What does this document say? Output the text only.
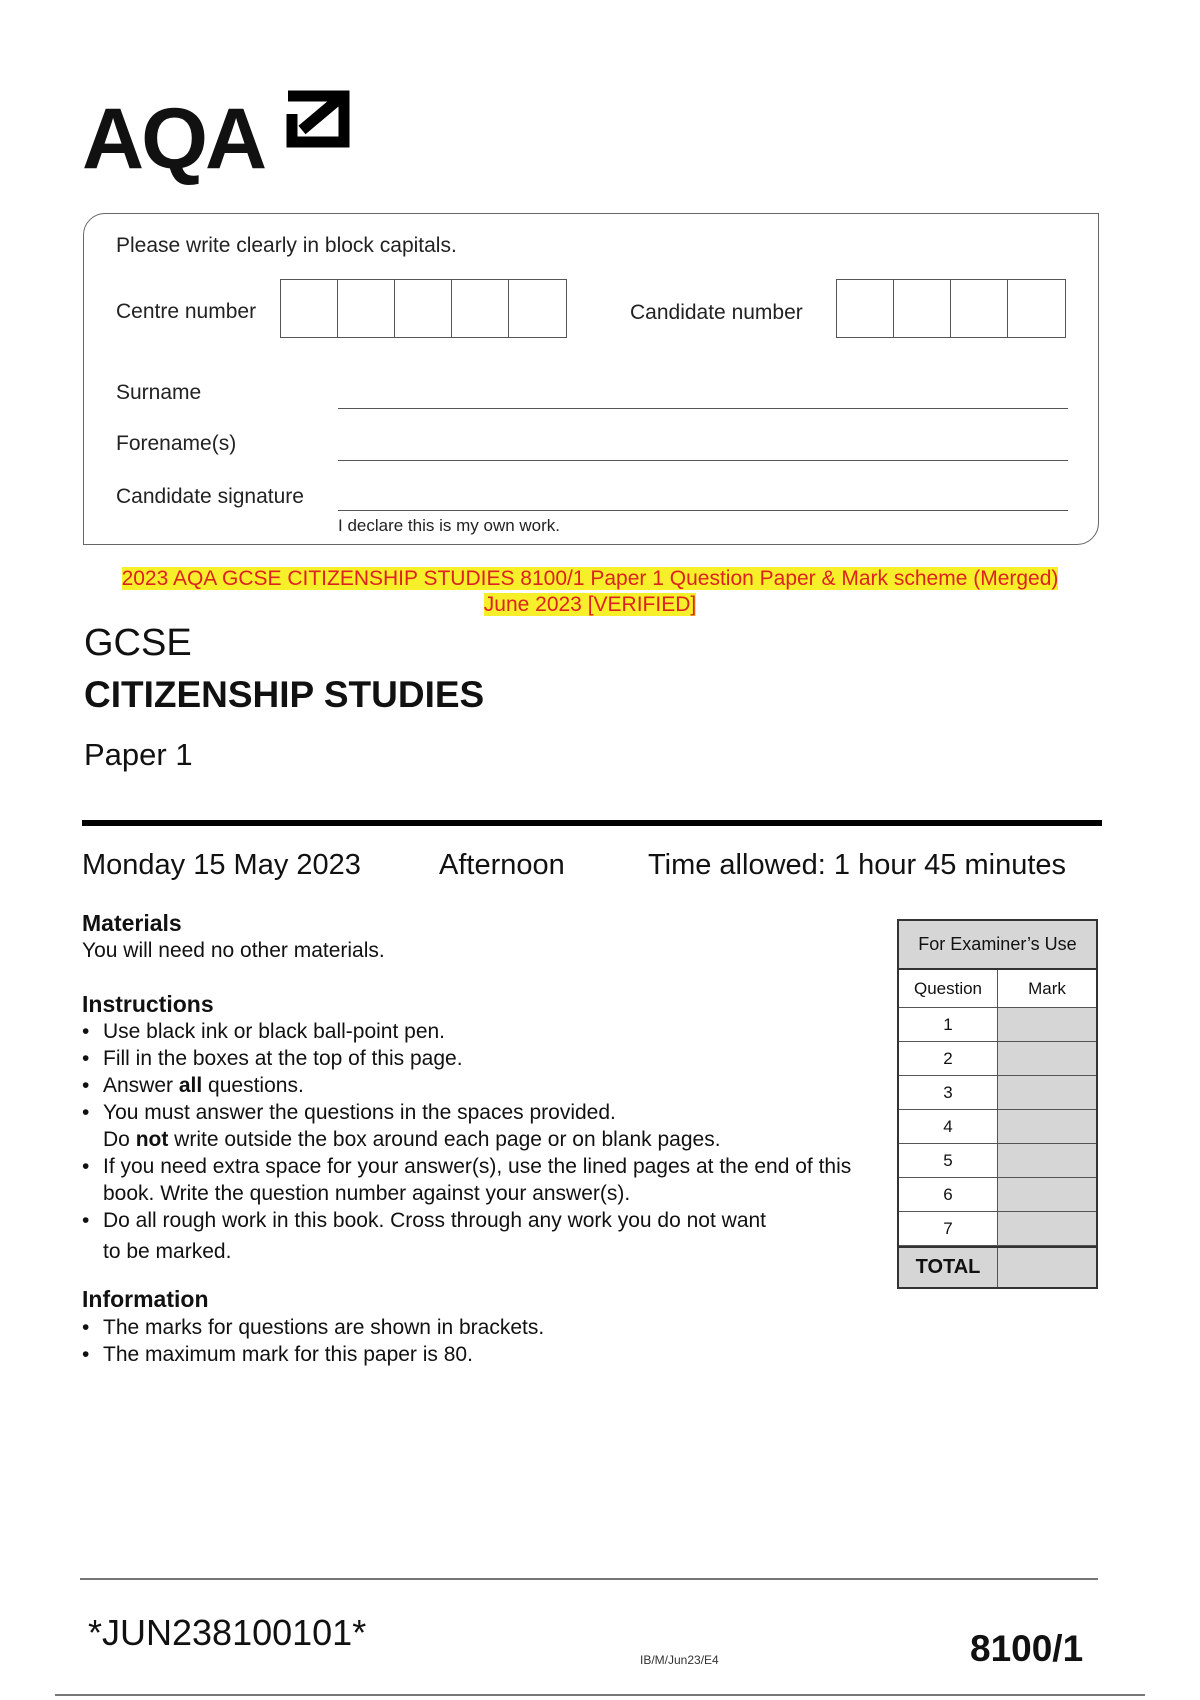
AQA
Please write clearly in block capitals.
Centre number	Candidate number
Surname
Forename(s)
Candidate signature
I declare this is my own work.
2023 AQA GCSE CITIZENSHIP STUDIES 8100/1 Paper 1 Question Paper & Mark scheme (Merged)
June 2023 [VERIFIED]
GCSE
CITIZENSHIP STUDIES
Paper 1
Monday 15 May 2023	Afternoon	Time allowed: 1 hour 45 minutes
Materials
You will need no other materials.
Instructions
• Use black ink or black ball-point pen.
• Fill in the boxes at the top of this page.
• Answer all questions.
• You must answer the questions in the spaces provided.
Do not write outside the box around each page or on blank pages.
• If you need extra space for your answer(s), use the lined pages at the end of this book. Write the question number against your answer(s).
• Do all rough work in this book. Cross through any work you do not want
to be marked.
Information
• The marks for questions are shown in brackets.
• The maximum mark for this paper is 80.
For Examiner’s Use
Question	Mark
1
2
3
4
5
6
7
TOTAL
*JUN238100101*
IB/M/Jun23/E4	8100/1
